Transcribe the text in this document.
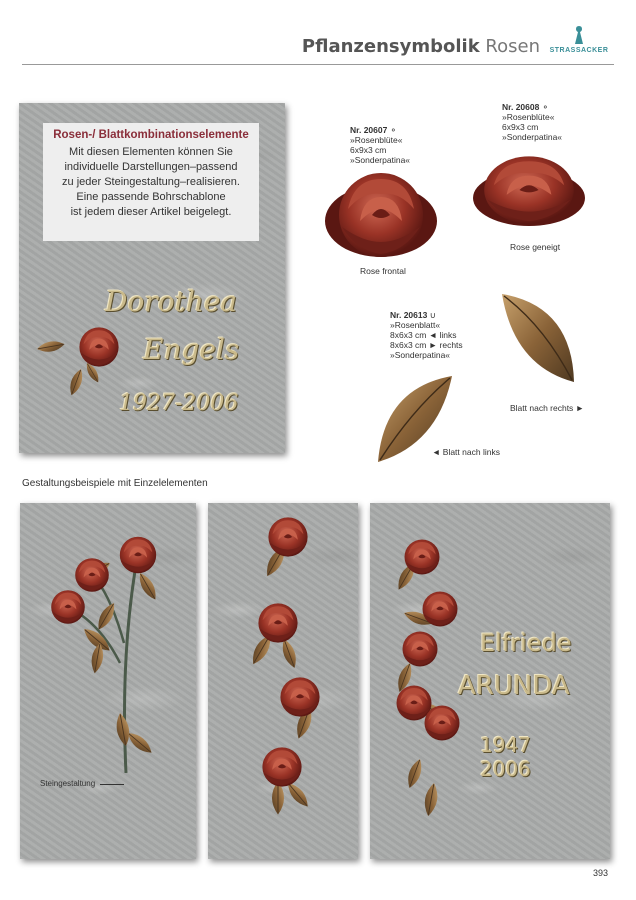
Pflanzensymbolik Rosen	STRASSACKER
Rosen-/ Blattkombinationselemente
Mit diesen Elementen können Sie
individuelle Darstellungen–passend
zu jeder Steingestaltung–realisieren.
Eine passende Bohrschablone
ist jedem dieser Artikel beigelegt.
Dorothea
Engels
1927-2006
Nr. 20607 ⚬
»Rosenblüte«
6x9x3 cm
»Sonderpatina«
Rose frontal
Nr. 20608 ⚬
»Rosenblüte«
6x9x3 cm
»Sonderpatina«
Rose geneigt
Nr. 20613 ∪
»Rosenblatt«
8x6x3 cm ◄ links
8x6x3 cm ► rechts
»Sonderpatina«
Blatt nach rechts ►
◄ Blatt nach links
Gestaltungsbeispiele mit Einzelelementen
Steingestaltung
Elfriede
ARUNDA
1947
2006
393
